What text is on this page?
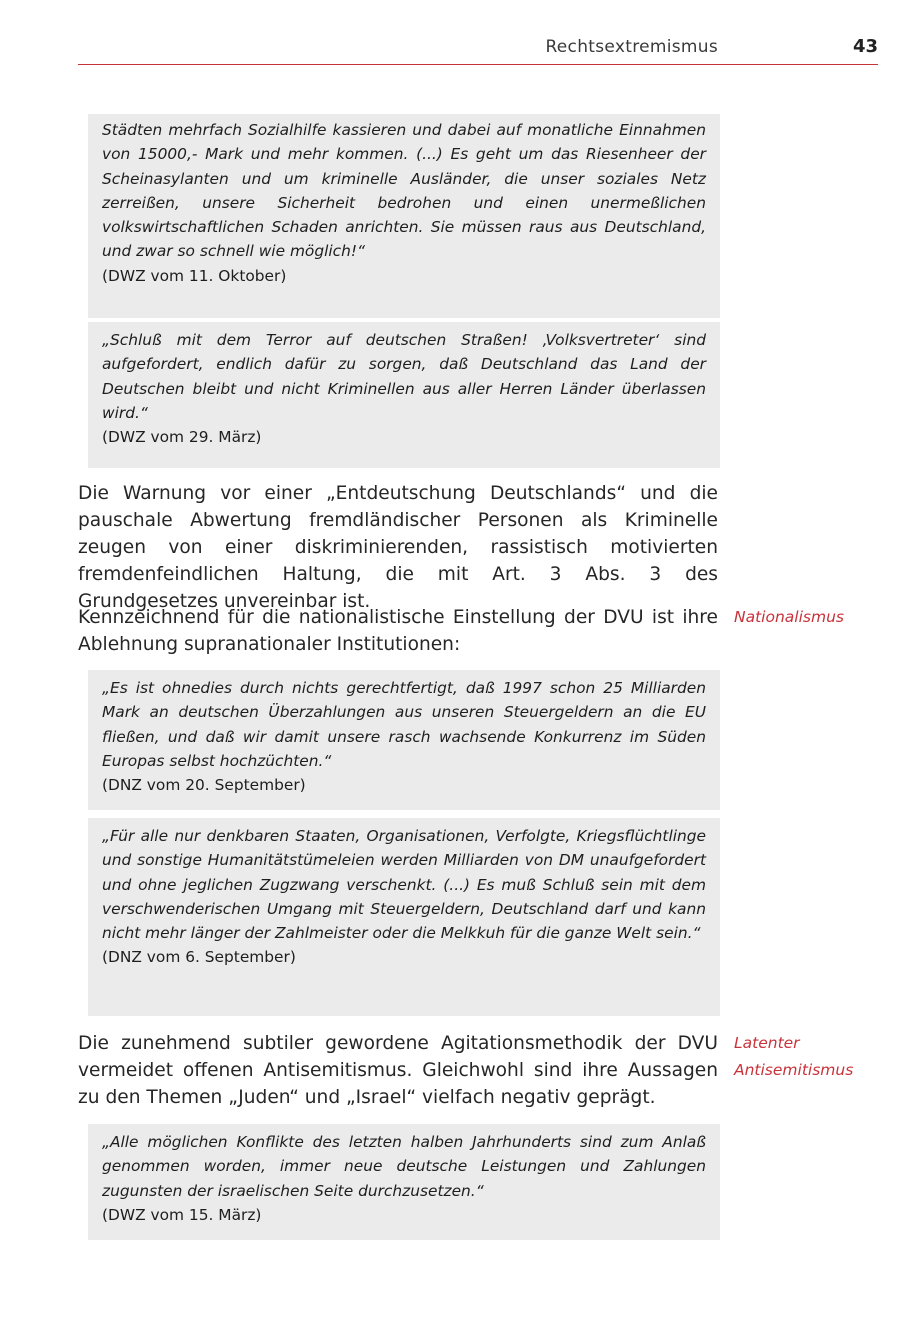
Rechtsextremismus	43

Städten mehrfach Sozialhilfe kassieren und dabei auf monatliche Einnahmen von 15000,- Mark und mehr kommen. (...) Es geht um das Riesenheer der Scheinasylanten und um kriminelle Ausländer, die unser soziales Netz zerreißen, unsere Sicherheit bedrohen und einen unermeßlichen volkswirtschaftlichen Schaden anrichten. Sie müssen raus aus Deutschland, und zwar so schnell wie möglich!“

(DWZ vom 11. Oktober)

„Schluß mit dem Terror auf deutschen Straßen! ‚Volksvertreter‘ sind aufgefordert, endlich dafür zu sorgen, daß Deutschland das Land der Deutschen bleibt und nicht Kriminellen aus aller Herren Länder überlassen wird.“

(DWZ vom 29. März)

Die Warnung vor einer „Entdeutschung Deutschlands“ und die pauschale Abwertung fremdländischer Personen als Kriminelle zeugen von einer diskriminierenden, rassistisch motivierten fremdenfeindlichen Haltung, die mit Art. 3 Abs. 3 des Grundgesetzes unvereinbar ist.

Kennzeichnend für die nationalistische Einstellung der DVU ist ihre Ablehnung supranationaler Institutionen:

Nationalismus

„Es ist ohnedies durch nichts gerechtfertigt, daß 1997 schon 25 Milliarden Mark an deutschen Überzahlungen aus unseren Steuergeldern an die EU fließen, und daß wir damit unsere rasch wachsende Konkurrenz im Süden Europas selbst hochzüchten.“

(DNZ vom 20. September)

„Für alle nur denkbaren Staaten, Organisationen, Verfolgte, Kriegsflüchtlinge und sonstige Humanitätstümeleien werden Milliarden von DM unaufgefordert und ohne jeglichen Zugzwang verschenkt. (...) Es muß Schluß sein mit dem verschwenderischen Umgang mit Steuergeldern, Deutschland darf und kann nicht mehr länger der Zahlmeister oder die Melkkuh für die ganze Welt sein.“

(DNZ vom 6. September)

Die zunehmend subtiler gewordene Agitationsmethodik der DVU vermeidet offenen Antisemitismus. Gleichwohl sind ihre Aussagen zu den Themen „Juden“ und „Israel“ vielfach negativ geprägt.

Latenter
Antisemitismus

„Alle möglichen Konflikte des letzten halben Jahrhunderts sind zum Anlaß genommen worden, immer neue deutsche Leistungen und Zahlungen zugunsten der israelischen Seite durchzusetzen.“

(DWZ vom 15. März)
